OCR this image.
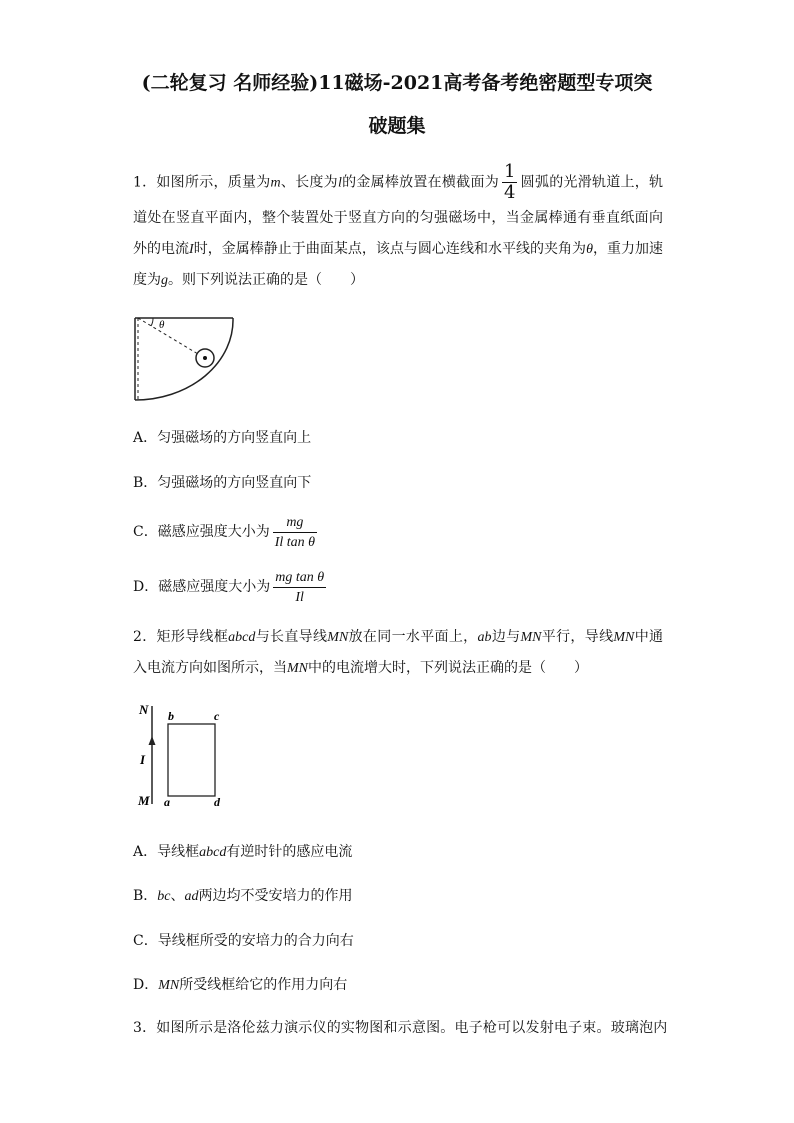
(二轮复习 名师经验)11磁场-2021高考备考绝密题型专项突
破题集
1．如图所示，质量为m、长度为l的金属棒放置在横截面为 $\frac{1}{4}$ 圆弧的光滑轨道上，轨道处在竖直平面内，整个装置处于竖直方向的匀强磁场中，当金属棒通有垂直纸面向外的电流I时，金属棒静止于曲面某点，该点与圆心连线和水平线的夹角为θ，重力加速度为g。则下列说法正确的是（　　）
θ
A．匀强磁场的方向竖直向上
B．匀强磁场的方向竖直向下
C．磁感应强度大小为 $\frac{mg}{\text{Il tan θ}}$
D．磁感应强度大小为 $\frac{\text{mg tan θ}}{Il}$
2．矩形导线框abcd与长直导线MN放在同一水平面上，ab边与MN平行，导线MN中通入电流方向如图所示，当MN中的电流增大时，下列说法正确的是（　　）
N
M
I
b	c
a	d
A．导线框abcd有逆时针的感应电流
B．bc、ad两边均不受安培力的作用
C．导线框所受的安培力的合力向右
D．MN所受线框给它的作用力向右
3．如图所示是洛伦兹力演示仪的实物图和示意图。电子枪可以发射电子束。玻璃泡内
